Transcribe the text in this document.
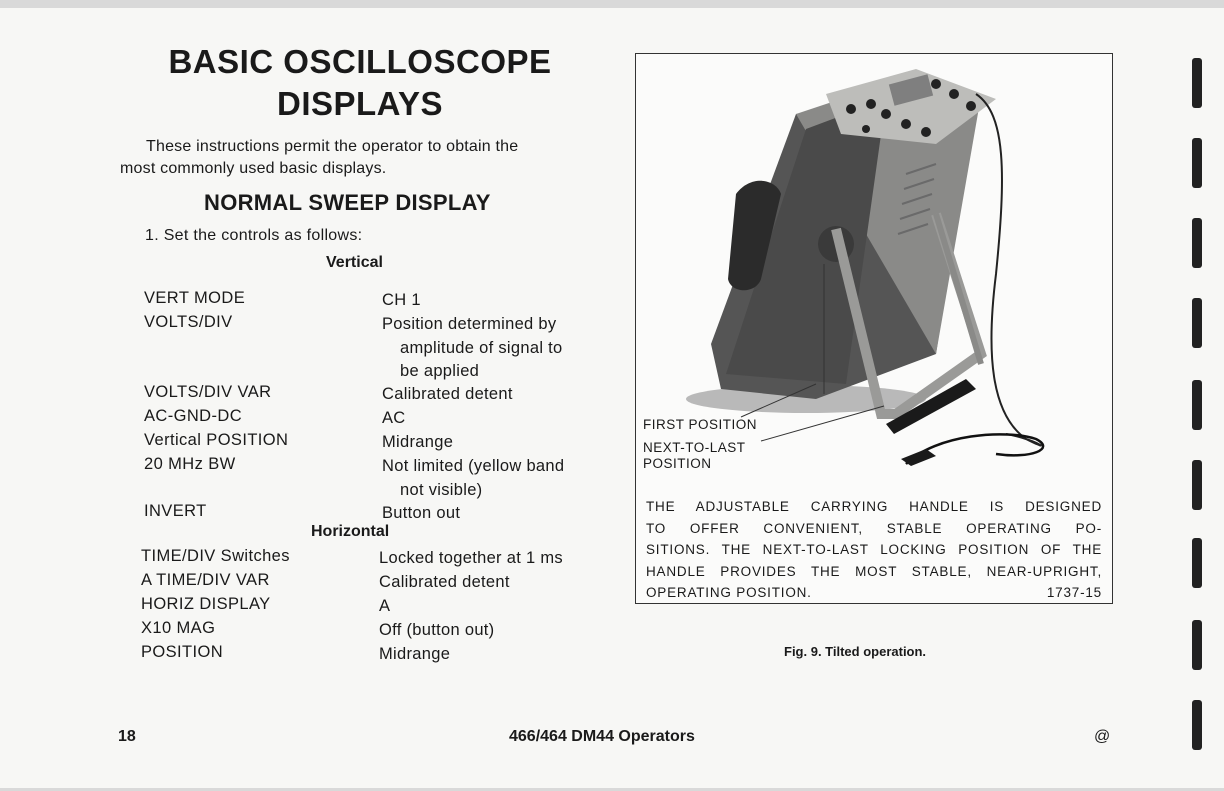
BASIC OSCILLOSCOPE
DISPLAYS
These instructions permit the operator to obtain the
most commonly used basic displays.
NORMAL SWEEP DISPLAY
1. Set the controls as follows:
Vertical
VERT MODE	CH 1
VOLTS/DIV	Position determined by
amplitude of signal to
be applied
VOLTS/DIV VAR	Calibrated detent
AC-GND-DC	AC
Vertical POSITION	Midrange
20 MHz BW	Not limited (yellow band
not visible)
INVERT	Button out
Horizontal
TIME/DIV Switches	Locked together at 1 ms
A TIME/DIV VAR	Calibrated detent
HORIZ DISPLAY	A
X10 MAG	Off (button out)
POSITION	Midrange
FIRST POSITION
NEXT-TO-LAST
POSITION
THE ADJUSTABLE CARRYING HANDLE IS DESIGNED
TO OFFER CONVENIENT, STABLE OPERATING PO-
SITIONS. THE NEXT-TO-LAST LOCKING POSITION OF THE
HANDLE PROVIDES THE MOST STABLE, NEAR-UPRIGHT,
OPERATING POSITION.	1737-15
Fig. 9. Tilted operation.
18	466/464 DM44 Operators	@
